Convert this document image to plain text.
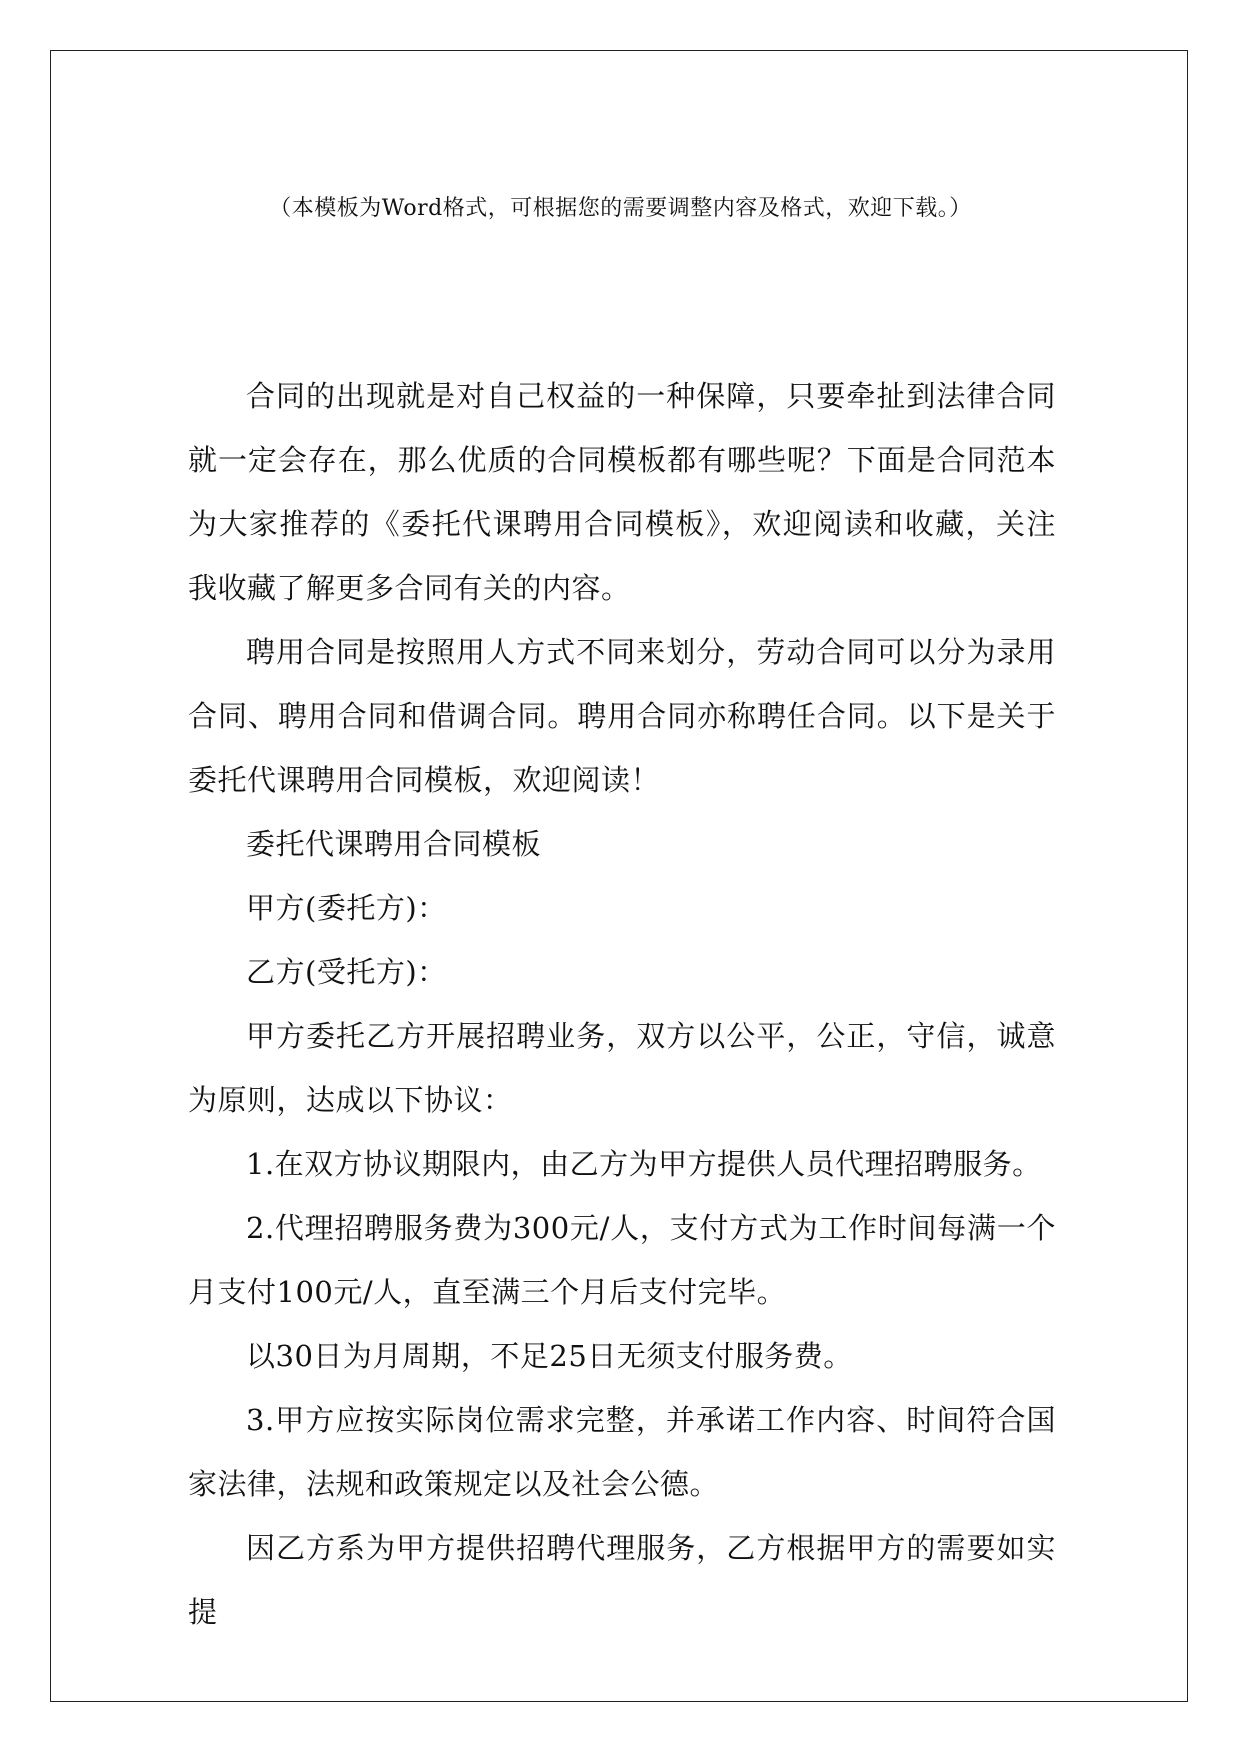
（本模板为Word格式，可根据您的需要调整内容及格式，欢迎下载。）

合同的出现就是对自己权益的一种保障，只要牵扯到法律合同就一定会存在，那么优质的合同模板都有哪些呢？下面是合同范本为大家推荐的《委托代课聘用合同模板》，欢迎阅读和收藏，关注我收藏了解更多合同有关的内容。

聘用合同是按照用人方式不同来划分，劳动合同可以分为录用合同、聘用合同和借调合同。聘用合同亦称聘任合同。以下是关于委托代课聘用合同模板，欢迎阅读！

委托代课聘用合同模板

甲方(委托方)：

乙方(受托方)：

甲方委托乙方开展招聘业务，双方以公平，公正，守信，诚意为原则，达成以下协议：

1.在双方协议期限内，由乙方为甲方提供人员代理招聘服务。

2.代理招聘服务费为300元/人，支付方式为工作时间每满一个月支付100元/人，直至满三个月后支付完毕。

以30日为月周期，不足25日无须支付服务费。

3.甲方应按实际岗位需求完整，并承诺工作内容、时间符合国家法律，法规和政策规定以及社会公德。

因乙方系为甲方提供招聘代理服务，乙方根据甲方的需要如实提
